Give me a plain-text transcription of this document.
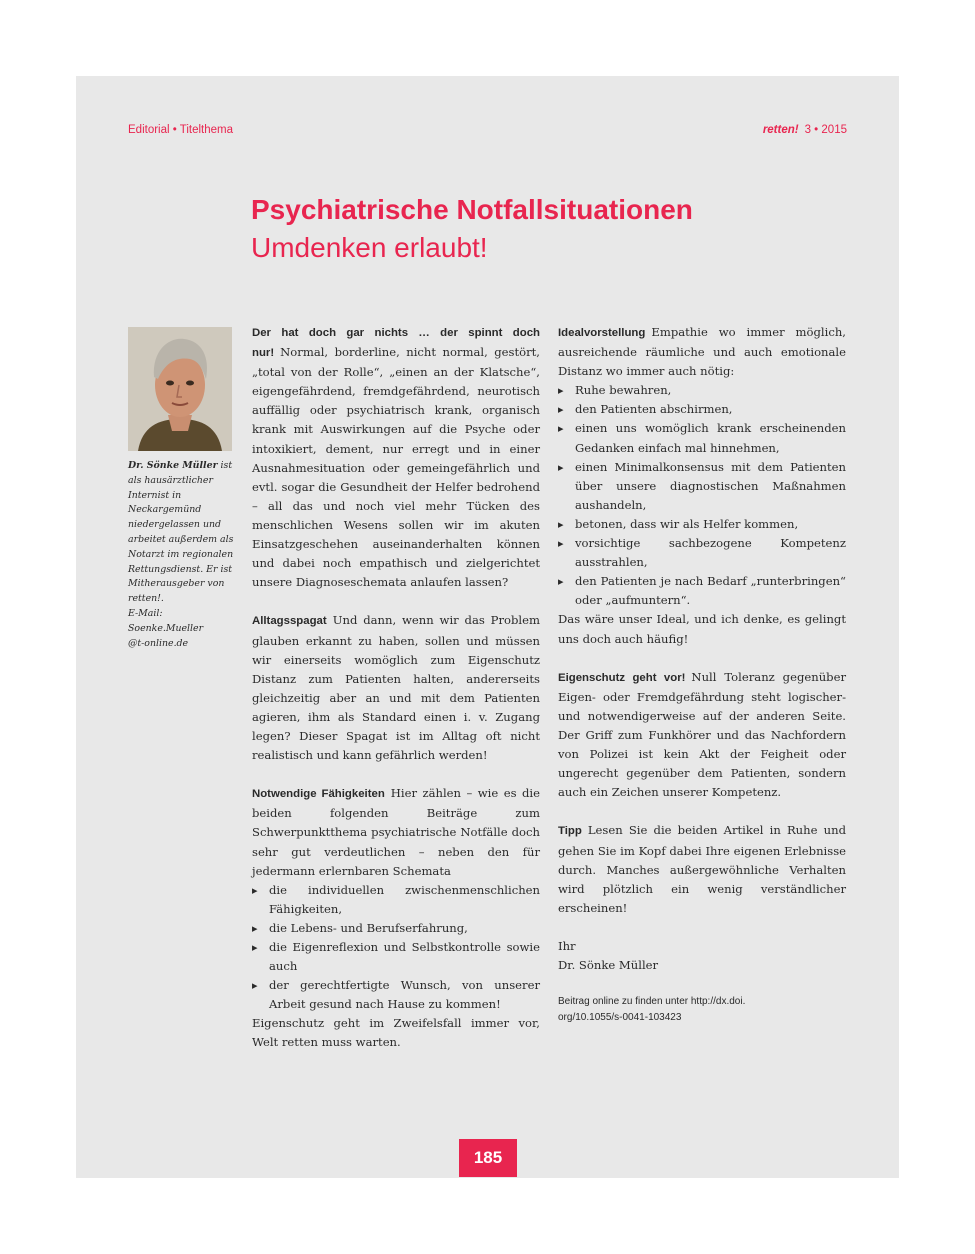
Editorial • Titelthema	retten! 3 • 2015
Psychiatrische Notfallsituationen
Umdenken erlaubt!
Dr. Sönke Müller ist als hausärztlicher Internist in Neckargemünd niedergelassen und arbeitet außerdem als Notarzt im regionalen Rettungsdienst. Er ist Mitherausgeber von retten!.
E-Mail: Soenke.Mueller
@t-online.de

Der hat doch gar nichts … der spinnt doch nur! Normal, borderline, nicht normal, gestört, „total von der Rolle“, „einen an der Klatsche“, eigengefährdend, fremdgefährdend, neurotisch auffällig oder psychiatrisch krank, organisch krank mit Auswirkungen auf die Psyche oder intoxikiert, dement, nur erregt und in einer Ausnahmesituation oder gemeingefährlich und evtl. sogar die Gesundheit der Helfer bedrohend – all das und noch viel mehr Tücken des menschlichen Wesens sollen wir im akuten Einsatzgeschehen auseinanderhalten können und dabei noch empathisch und zielgerichtet unsere Diagnoseschemata anlaufen lassen?

Alltagsspagat Und dann, wenn wir das Problem glauben erkannt zu haben, sollen und müssen wir einerseits womöglich zum Eigenschutz Distanz zum Patienten halten, andererseits gleichzeitig aber an und mit dem Patienten agieren, ihm als Standard einen i. v. Zugang legen? Dieser Spagat ist im Alltag oft nicht realistisch und kann gefährlich werden!

Notwendige Fähigkeiten Hier zählen – wie es die beiden folgenden Beiträge zum Schwerpunktthema psychiatrische Notfälle doch sehr gut verdeutlichen – neben den für jedermann erlernbaren Schemata

▸ die individuellen zwischenmenschlichen Fähigkeiten,
▸ die Lebens- und Berufserfahrung,
▸ die Eigenreflexion und Selbstkontrolle sowie auch
▸ der gerechtfertigte Wunsch, von unserer Arbeit gesund nach Hause zu kommen!

Eigenschutz geht im Zweifelsfall immer vor, Welt retten muss warten.

Idealvorstellung Empathie wo immer möglich, ausreichende räumliche und auch emotionale Distanz wo immer auch nötig:

▸ Ruhe bewahren,
▸ den Patienten abschirmen,
▸ einen uns womöglich krank erscheinenden Gedanken einfach mal hinnehmen,
▸ einen Minimalkonsensus mit dem Patienten über unsere diagnostischen Maßnahmen aushandeln,
▸ betonen, dass wir als Helfer kommen,
▸ vorsichtige sachbezogene Kompetenz ausstrahlen,
▸ den Patienten je nach Bedarf „runterbringen“ oder „aufmuntern“.

Das wäre unser Ideal, und ich denke, es gelingt uns doch auch häufig!

Eigenschutz geht vor! Null Toleranz gegenüber Eigen- oder Fremdgefährdung steht logischer- und notwendigerweise auf der anderen Seite. Der Griff zum Funkhörer und das Nachfordern von Polizei ist kein Akt der Feigheit oder ungerecht gegenüber dem Patienten, sondern auch ein Zeichen unserer Kompetenz.

Tipp Lesen Sie die beiden Artikel in Ruhe und gehen Sie im Kopf dabei Ihre eigenen Erlebnisse durch. Manches außergewöhnliche Verhalten wird plötzlich ein wenig verständlicher erscheinen!

Ihr

Dr. Sönke Müller

Beitrag online zu finden unter http://dx.doi.
org/10.1055/s-0041-103423
185
